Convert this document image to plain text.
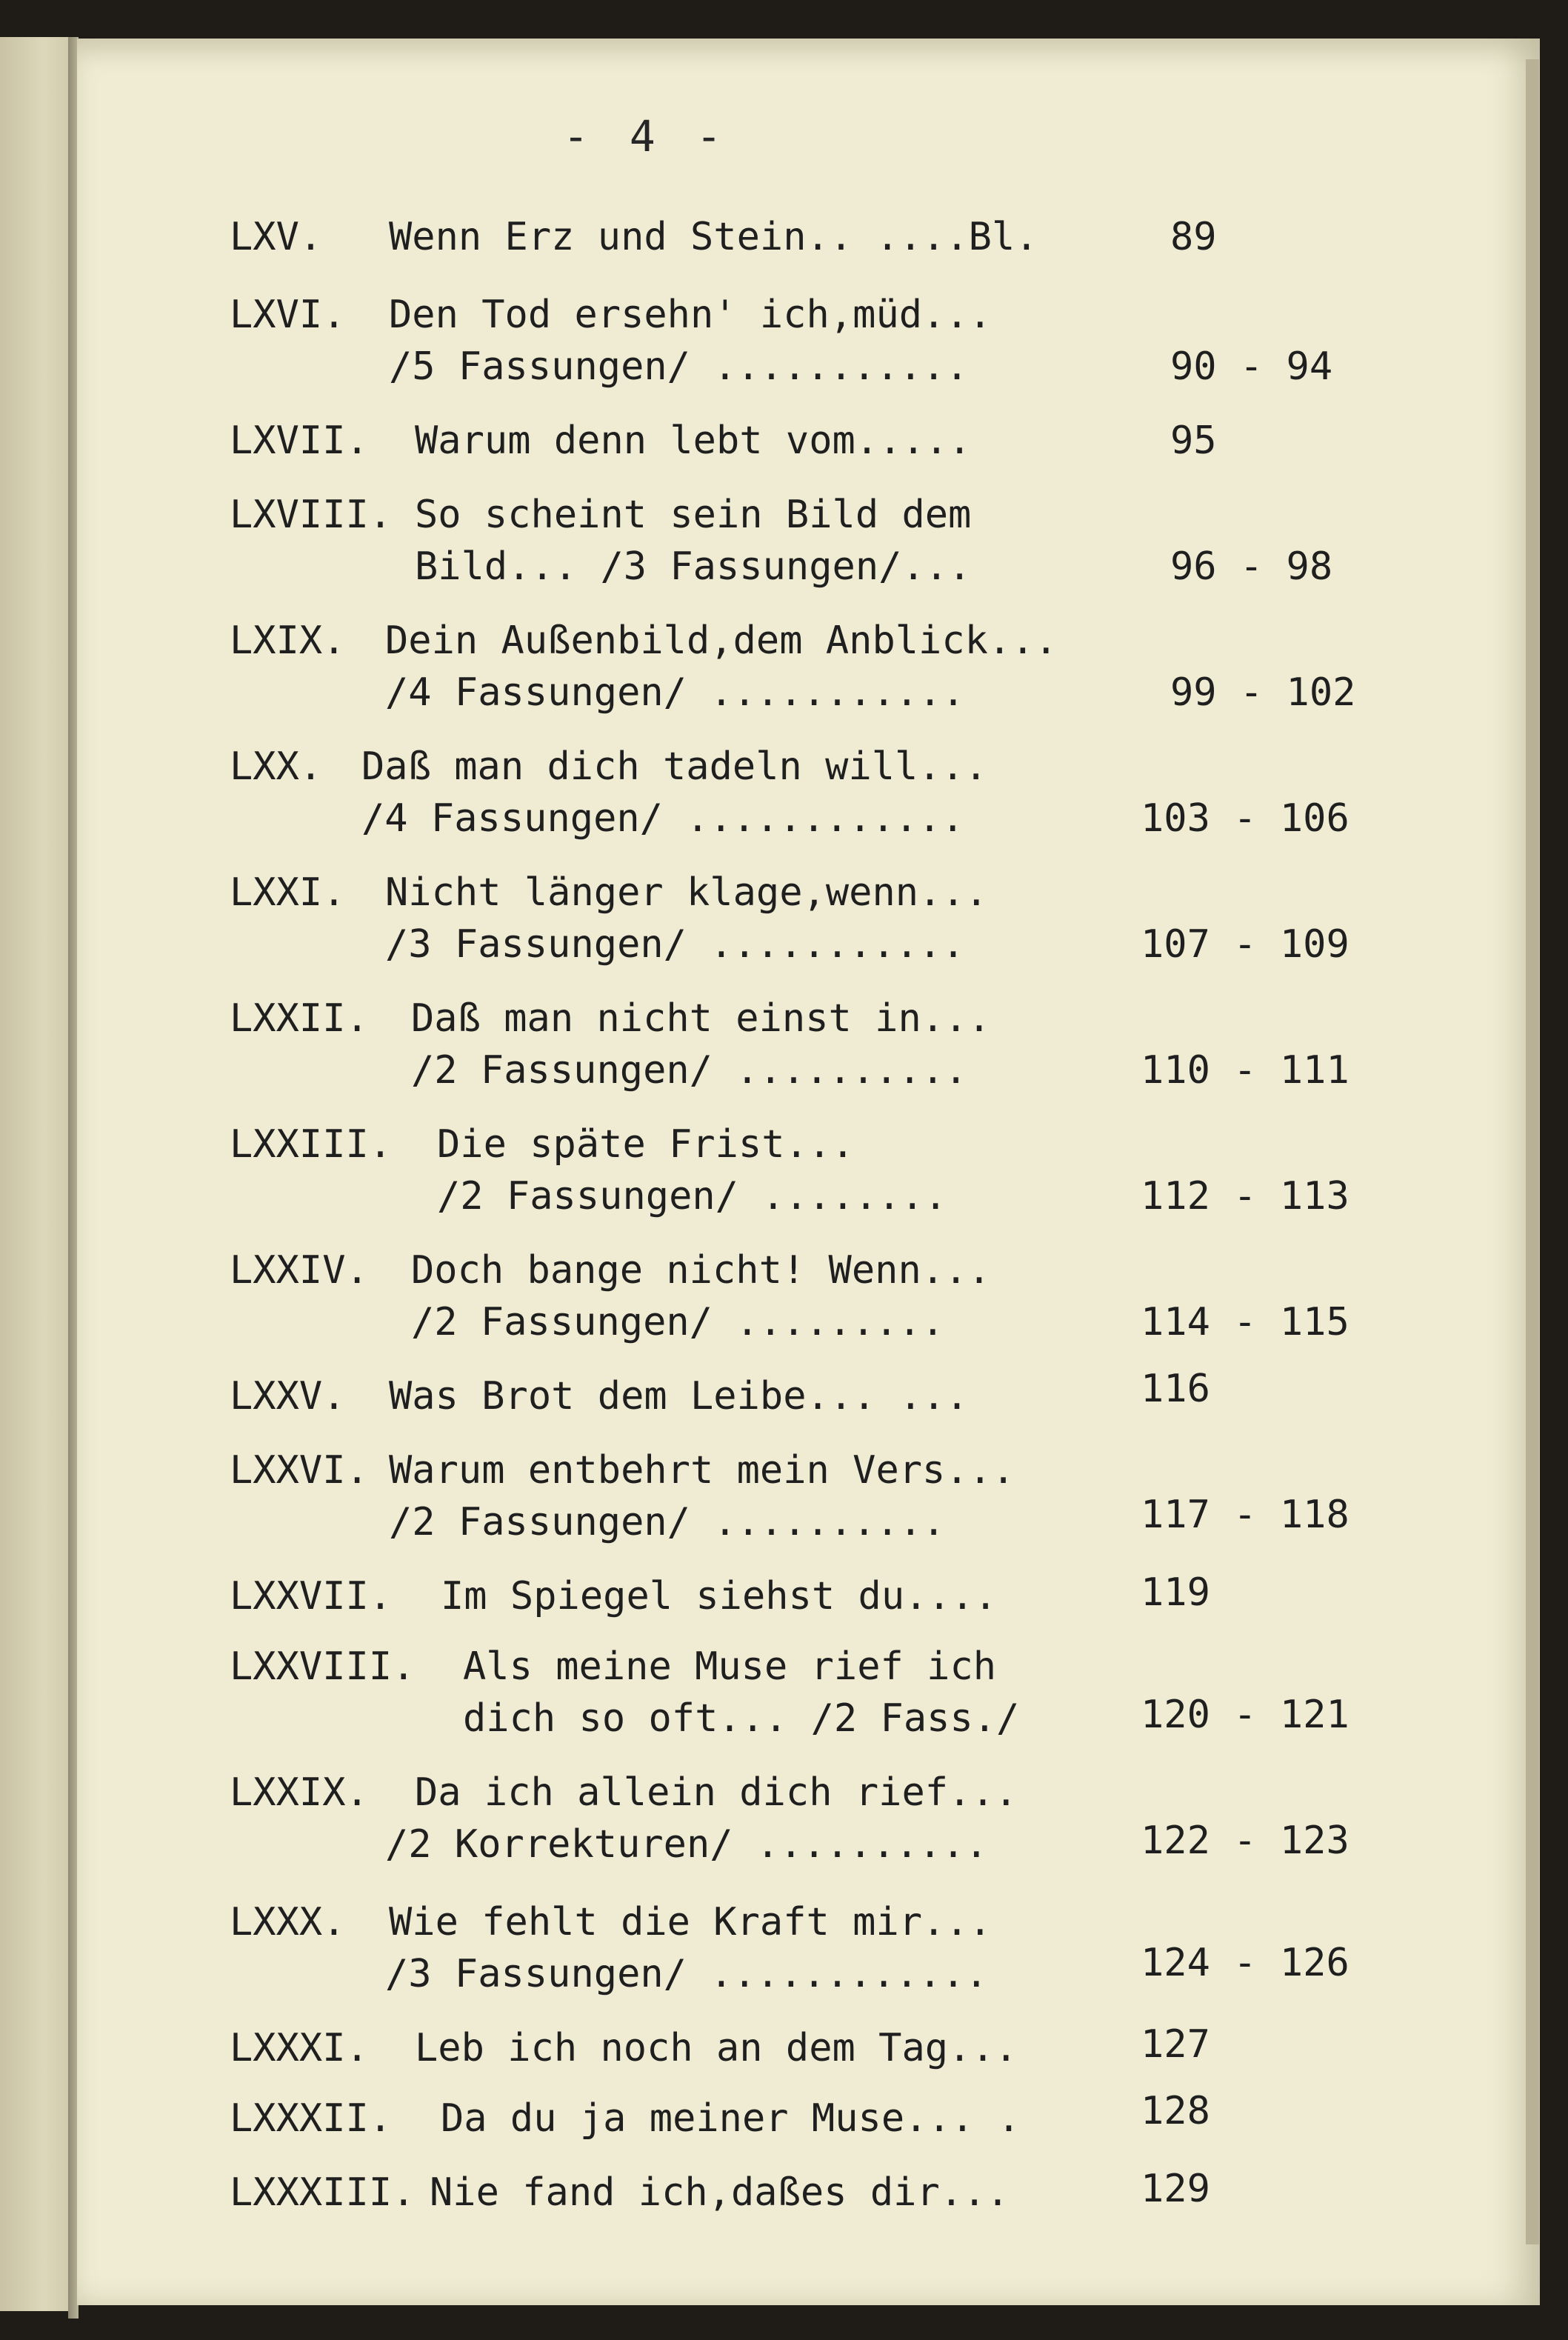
- 4 -
LXV. Wenn Erz und Stein.. ....Bl.	89
LXVI. Den Tod ersehn' ich,müd...
/5 Fassungen/ ...........	90 - 94
LXVII. Warum denn lebt vom.....	95
LXVIII. So scheint sein Bild dem
Bild... /3 Fassungen/...	96 - 98
LXIX. Dein Außenbild,dem Anblick...
/4 Fassungen/ ...........	99 - 102
LXX. Daß man dich tadeln will...
/4 Fassungen/ ............	103 - 106
LXXI. Nicht länger klage,wenn...
/3 Fassungen/ ...........	107 - 109
LXXII. Daß man nicht einst in...
/2 Fassungen/ ..........	110 - 111
LXXIII. Die späte Frist...
/2 Fassungen/ ........	112 - 113
LXXIV. Doch bange nicht! Wenn...
/2 Fassungen/ .........	114 - 115
LXXV. Was Brot dem Leibe... ...	116
LXXVI. Warum entbehrt mein Vers...
/2 Fassungen/ ..........	117 - 118
LXXVII. Im Spiegel siehst du....	119
LXXVIII. Als meine Muse rief ich
dich so oft... /2 Fass./	120 - 121
LXXIX. Da ich allein dich rief...
/2 Korrekturen/ ..........	122 - 123
LXXX. Wie fehlt die Kraft mir...
/3 Fassungen/ ............	124 - 126
LXXXI. Leb ich noch an dem Tag...	127
LXXXII. Da du ja meiner Muse... .	128
LXXXIII. Nie fand ich,daßes dir...	129
